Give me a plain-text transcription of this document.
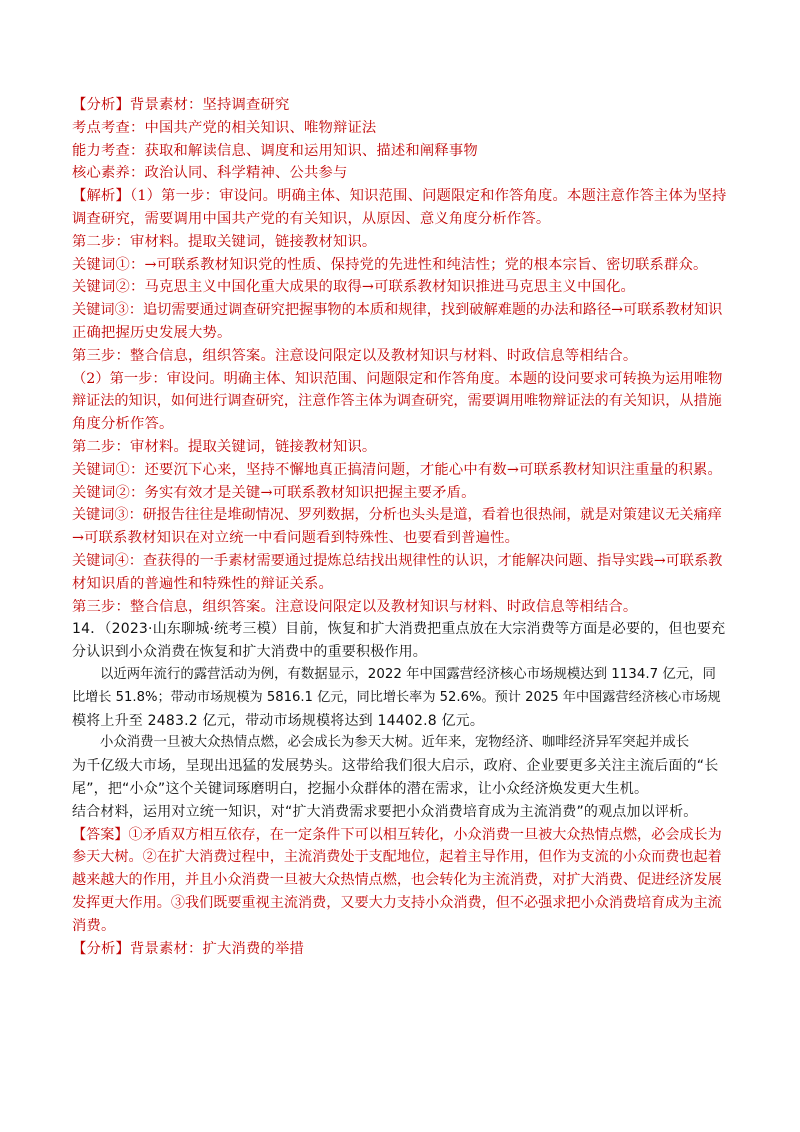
【分析】背景素材：坚持调查研究
考点考查：中国共产党的相关知识、唯物辩证法
能力考查：获取和解读信息、调度和运用知识、描述和阐释事物
核心素养：政治认同、科学精神、公共参与
【解析】（1）第一步：审设问。明确主体、知识范围、问题限定和作答角度。本题注意作答主体为坚持
调查研究，需要调用中国共产党的有关知识，从原因、意义角度分析作答。
第二步：审材料。提取关键词，链接教材知识。
关键词①：→可联系教材知识党的性质、保持党的先进性和纯洁性；党的根本宗旨、密切联系群众。
关键词②：马克思主义中国化重大成果的取得→可联系教材知识推进马克思主义中国化。
关键词③：追切需要通过调查研究把握事物的本质和规律，找到破解难题的办法和路径→可联系教材知识
正确把握历史发展大势。
第三步：整合信息，组织答案。注意设问限定以及教材知识与材料、时政信息等相结合。
（2）第一步：审设问。明确主体、知识范围、问题限定和作答角度。本题的设问要求可转换为运用唯物
辩证法的知识，如何进行调查研究，注意作答主体为调查研究，需要调用唯物辩证法的有关知识，从措施
角度分析作答。
第二步：审材料。提取关键词，链接教材知识。
关键词①：还要沉下心来，坚持不懈地真正搞清问题，才能心中有数→可联系教材知识注重量的积累。
关键词②：务实有效才是关键→可联系教材知识把握主要矛盾。
关键词③：研报告往往是堆砌情况、罗列数据，分析也头头是道，看着也很热闹，就是对策建议无关痛痒
→可联系教材知识在对立统一中看问题看到特殊性、也要看到普遍性。
关键词④：查获得的一手素材需要通过提炼总结找出规律性的认识，才能解决问题、指导实践→可联系教
材知识盾的普遍性和特殊性的辩证关系。
第三步：整合信息，组织答案。注意设问限定以及教材知识与材料、时政信息等相结合。
14．（2023·山东聊城·统考三模）目前，恢复和扩大消费把重点放在大宗消费等方面是必要的，但也要充
分认识到小众消费在恢复和扩大消费中的重要积极作用。
以近两年流行的露营活动为例，有数据显示，2022 年中国露营经济核心市场规模达到 1134.7 亿元，同
比增长 51.8%；带动市场规模为 5816.1 亿元，同比增长率为 52.6%。预计 2025 年中国露营经济核心市场规
模将上升至 2483.2 亿元，带动市场规模将达到 14402.8 亿元。
小众消费一旦被大众热情点燃，必会成长为参天大树。近年来，宠物经济、咖啡经济异军突起并成长
为千亿级大市场，呈现出迅猛的发展势头。这带给我们很大启示，政府、企业要更多关注主流后面的“长
尾”，把“小众”这个关键词琢磨明白，挖掘小众群体的潜在需求，让小众经济焕发更大生机。
结合材料，运用对立统一知识，对“扩大消费需求要把小众消费培育成为主流消费”的观点加以评析。
【答案】①矛盾双方相互依存，在一定条件下可以相互转化，小众消费一旦被大众热情点燃，必会成长为
参天大树。②在扩大消费过程中，主流消费处于支配地位，起着主导作用，但作为支流的小众而费也起着
越来越大的作用，并且小众消费一旦被大众热情点燃，也会转化为主流消费，对扩大消费、促进经济发展
发挥更大作用。③我们既要重视主流消费，又要大力支持小众消费，但不必强求把小众消费培育成为主流
消费。
【分析】背景素材：扩大消费的举措
